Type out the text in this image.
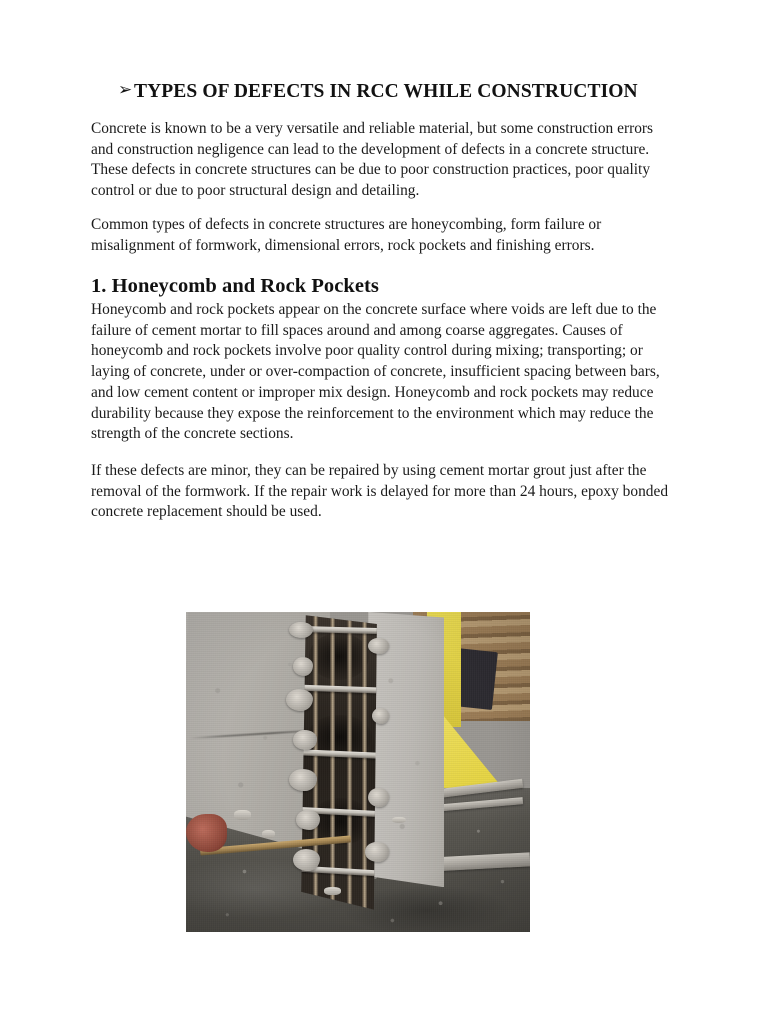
➢ TYPES OF DEFECTS IN RCC WHILE CONSTRUCTION

Concrete is known to be a very versatile and reliable material, but some construction errors and construction negligence can lead to the development of defects in a concrete structure. These defects in concrete structures can be due to poor construction practices, poor quality control or due to poor structural design and detailing.

Common types of defects in concrete structures are honeycombing, form failure or misalignment of formwork, dimensional errors, rock pockets and finishing errors.

1. Honeycomb and Rock Pockets

Honeycomb and rock pockets appear on the concrete surface where voids are left due to the failure of cement mortar to fill spaces around and among coarse aggregates. Causes of honeycomb and rock pockets involve poor quality control during mixing; transporting; or laying of concrete, under or over-compaction of concrete, insufficient spacing between bars, and low cement content or improper mix design. Honeycomb and rock pockets may reduce durability because they expose the reinforcement to the environment which may reduce the strength of the concrete sections.

If these defects are minor, they can be repaired by using cement mortar grout just after the removal of the formwork. If the repair work is delayed for more than 24 hours, epoxy bonded concrete replacement should be used.
